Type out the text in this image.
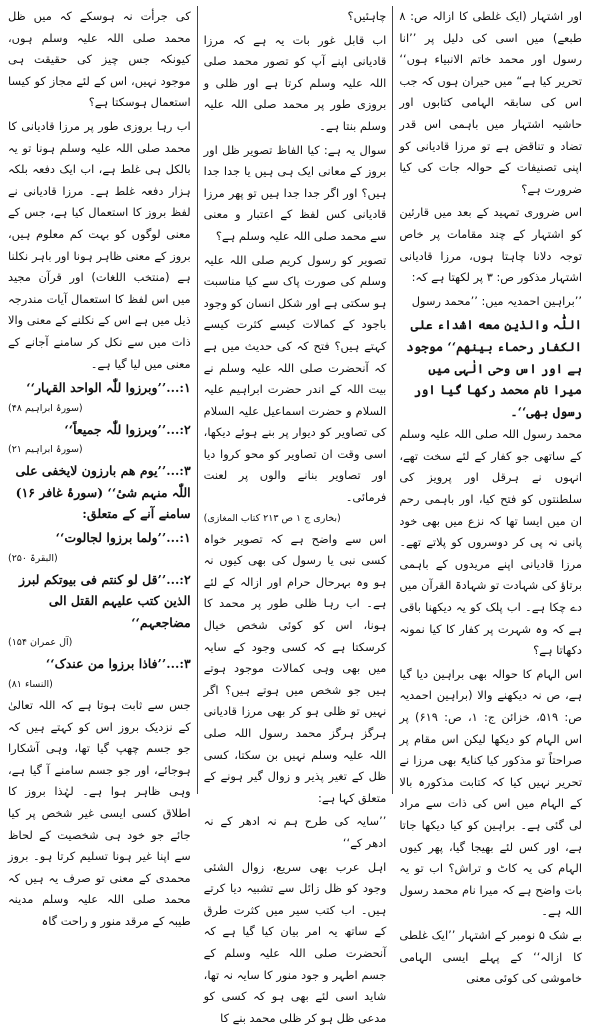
اور اشتہار (ایک غلطی کا ازالہ ص: ۸ طبعے) میں اسی کی دلیل پر ’’انا رسول اور محمد خاتم الانبیاء ہوں‘‘ تحریر کیا ہے“ میں حیران ہوں کہ جب اس کی سابقہ الہامی کتابوں اور حاشیہ اشتہار میں باہمی اس قدر تضاد و تناقض ہے تو مرزا قادیانی کو اپنی تصنیفات کے حوالہ جات کی کیا ضرورت ہے؟

اس ضروری تمہید کے بعد میں قارئین کو اشتہار کے چند مقامات پر خاص توجہ دلانا چاہتا ہوں، مرزا قادیانی اشتہار مذکور ص: ۳ پر لکھتا ہے کہ:

’’براہین احمدیہ میں: ’’محمد رسول

اللّٰہ والذین معه اشداء علی الکفار رحماء بینهم‘‘ موجود ہے اور اس وحی الٰہی میں میرا نام محمد رکھا گیا اور رسول بھی‘‘۔

محمد رسول اللہ صلی اللہ علیہ وسلم کے ساتھی جو کفار کے لئے سخت تھے، انہوں نے ہرقل اور پرویز کی سلطنتوں کو فتح کیا، اور باہمی رحم ان میں ایسا تھا کہ نزع میں بھی خود پانی نہ پی کر دوسروں کو پلاتے تھے۔ مرزا قادیانی اپنے مریدوں کے باہمی برتاؤ کی شہادت تو شہادۃ القرآن میں دے چکا ہے۔ اب پلک کو یہ دیکھنا باقی ہے کہ وہ شہرت پر کفار کا کیا نمونہ دکھاتا ہے؟

اس الہام کا حوالہ بھی براہین دیا گیا ہے، ص نہ دیکھنے والا (براہین احمدیہ ص: ۵۱۹، خزائن ج: ۱، ص: ۶۱۹) پر اس الہام کو دیکھا لیکن اس مقام پر صراحتاً تو مذکور کیا کنایۃً بھی مرزا نے تحریر نہیں کیا کہ کتابت مذکورہ بالا کے الہام میں اس کی ذات سے مراد لی گئی ہے۔ براہین کو کیا دیکھا جاتا ہے، اور کس لئے بھیجا گیا، پھر کیوں الہام کی یہ کاٹ و تراش؟ اب تو یہ بات واضح ہے کہ میرا نام محمد رسول اللہ ہے۔

بے شک ۵ نومبر کے اشتہار ’’ایک غلطی کا ازالہ‘‘ کے پہلے ایسی الہامی خاموشی کی کوئی معنی

چاہئیں؟

اب قابل غور بات یہ ہے کہ مرزا قادیانی اپنے آپ کو تصور محمد صلی اللہ علیہ وسلم کرتا ہے اور ظلی و بروزی طور پر محمد صلی اللہ علیہ وسلم بنتا ہے۔

سوال یہ ہے: کیا الفاظ تصویر ظل اور بروز کے معانی ایک ہی ہیں یا جدا جدا ہیں؟ اور اگر جدا جدا ہیں تو پھر مرزا قادیانی کس لفظ کے اعتبار و معنی سے محمد صلی اللہ علیہ وسلم ہے؟

تصویر کو رسول کریم صلی اللہ علیہ وسلم کی صورت پاک سے کیا مناسبت ہو سکتی ہے اور شکل انسان کو وجود باجود کے کمالات کیسے کثرت کیسے کہتے ہیں؟ فتح کہ کی حدیث میں ہے کہ آنحضرت صلی اللہ علیہ وسلم نے بیت اللہ کے اندر حضرت ابراہیم علیہ السلام و حضرت اسماعیل علیہ السلام کی تصاویر کو دیوار پر بنے ہوئے دیکھا، اسی وقت ان تصاویر کو محو کروا دیا اور تصاویر بنانے والوں پر لعنت فرمائی۔

(بخاری ج ۱ ص ۲۱۳ کتاب المغازی)

اس سے واضح ہے کہ تصویر خواہ کسی نبی یا رسول کی بھی کیوں نہ ہو وہ بہرحال حرام اور ازالہ کے لئے ہے۔ اب رہا ظلی طور پر محمد کا ہونا، اس کو کوئی شخص خیال کرسکتا ہے کہ کسی وجود کے سایہ میں بھی وہی کمالات موجود ہوتے ہیں جو شخص میں ہوتے ہیں؟ اگر نہیں تو ظلی ہو کر بھی مرزا قادیانی ہرگز ہرگز محمد رسول اللہ صلی اللہ علیہ وسلم نہیں بن سکتا، کسی ظل کے تغیر پذیر و زوال گیر ہونے کے متعلق کہا ہے:

’’سایہ کی طرح ہم نہ ادھر کے نہ ادھر کے‘‘

اہل عرب بھی سریع، زوال الشئی وجود کو ظل زائل سے تشبیہ دیا کرتے ہیں۔ اب کتب سیر میں کثرت طرق کے ساتھ یہ امر بیان کیا گیا ہے کہ آنحضرت صلی اللہ علیہ وسلم کے جسم اطہر و جود منور کا سایہ نہ تھا، شاید اسی لئے بھی ہو کہ کسی کو مدعی ظل ہو کر ظلی محمد بنے کا

کی جرأت نہ ہوسکے کہ میں ظل محمد صلی اللہ علیہ وسلم ہوں، کیونکہ جس چیز کی حقیقت ہی موجود نہیں، اس کے لئے مجاز کو کیسا استعمال ہوسکتا ہے؟

اب رہا بروزی طور پر مرزا قادیانی کا محمد صلی اللہ علیہ وسلم ہونا تو یہ بالکل ہی غلط ہے، اب ایک دفعہ بلکہ ہزار دفعہ غلط ہے۔ مرزا قادیانی نے لفظ بروز کا استعمال کیا ہے، جس کے معنی لوگوں کو بہت کم معلوم ہیں، بروز کے معنی ظاہر ہونا اور باہر نکلنا ہے (منتخب اللغات) اور قرآن مجید میں اس لفظ کا استعمال آیات مندرجہ ذیل میں ہے اس کے نکلنے کے معنی والا ذات میں سے نکل کر سامنے آجانے کے معنی میں لیا گیا ہے۔

۱:...’’وبرزوا للّٰہ الواحد القہار‘‘

(سورۂ ابراہیم ۴۸)

۲:...’’وبرزوا للّٰہ جمیعاً‘‘

(سورۂ ابراہیم ۲۱)

۳:...’’یوم ھم بارزون لایخفی علی اللّٰہ منہم شیٔ‘‘ (سورۂ غافر ۱۶) سامنے آنے کے متعلق:

۱:...’’ولما برزوا لجالوت‘‘

(البقرۃ ۲۵۰)

۲:...’’قل لو کنتم فی بیوتکم لبرز الذین کتب علیہم القتل الی مضاجعہم‘‘

(آل عمران ۱۵۴)

۳:...’’فاذا برزوا من عندک‘‘

(النساء ۸۱)

جس سے ثابت ہوتا ہے کہ اللہ تعالیٰ کے نزدیک بروز اس کو کہتے ہیں کہ جو جسم چھپ گیا تھا، وہی آشکارا ہوجائے، اور جو جسم سامنے آ گیا ہے، وہی ظاہر ہوا ہے۔ لہٰذا بروز کا اطلاق کسی ایسی غیر شخص پر کیا جائے جو خود ہی شخصیت کے لحاظ سے اپنا غیر ہونا تسلیم کرتا ہو۔ بروز محمدی کے معنی تو صرف یہ ہیں کہ محمد صلی اللہ علیہ وسلم مدینہ طیبہ کے مرقد منور و راحت گاہ
